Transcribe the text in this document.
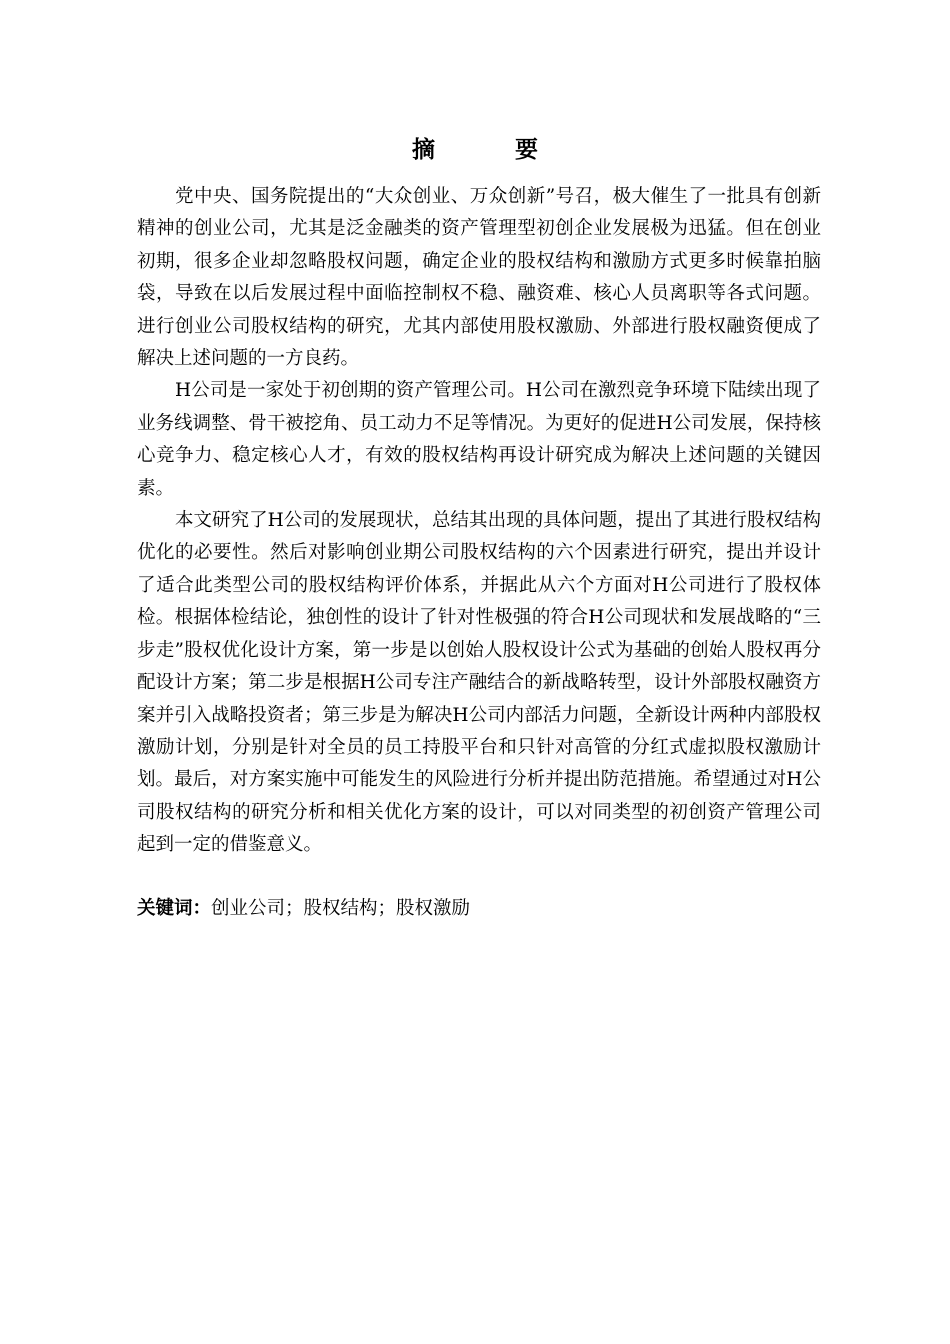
摘 要

党中央、国务院提出的“大众创业、万众创新”号召，极大催生了一批具有创新精神的创业公司，尤其是泛金融类的资产管理型初创企业发展极为迅猛。但在创业初期，很多企业却忽略股权问题，确定企业的股权结构和激励方式更多时候靠拍脑袋，导致在以后发展过程中面临控制权不稳、融资难、核心人员离职等各式问题。进行创业公司股权结构的研究，尤其内部使用股权激励、外部进行股权融资便成了解决上述问题的一方良药。

H公司是一家处于初创期的资产管理公司。H公司在激烈竞争环境下陆续出现了业务线调整、骨干被挖角、员工动力不足等情况。为更好的促进H公司发展，保持核心竞争力、稳定核心人才，有效的股权结构再设计研究成为解决上述问题的关键因素。

本文研究了H公司的发展现状，总结其出现的具体问题，提出了其进行股权结构优化的必要性。然后对影响创业期公司股权结构的六个因素进行研究，提出并设计了适合此类型公司的股权结构评价体系，并据此从六个方面对H公司进行了股权体检。根据体检结论，独创性的设计了针对性极强的符合H公司现状和发展战略的“三步走”股权优化设计方案，第一步是以创始人股权设计公式为基础的创始人股权再分配设计方案；第二步是根据H公司专注产融结合的新战略转型，设计外部股权融资方案并引入战略投资者；第三步是为解决H公司内部活力问题，全新设计两种内部股权激励计划，分别是针对全员的员工持股平台和只针对高管的分红式虚拟股权激励计划。最后，对方案实施中可能发生的风险进行分析并提出防范措施。希望通过对H公司股权结构的研究分析和相关优化方案的设计，可以对同类型的初创资产管理公司起到一定的借鉴意义。

关键词：创业公司；股权结构；股权激励
